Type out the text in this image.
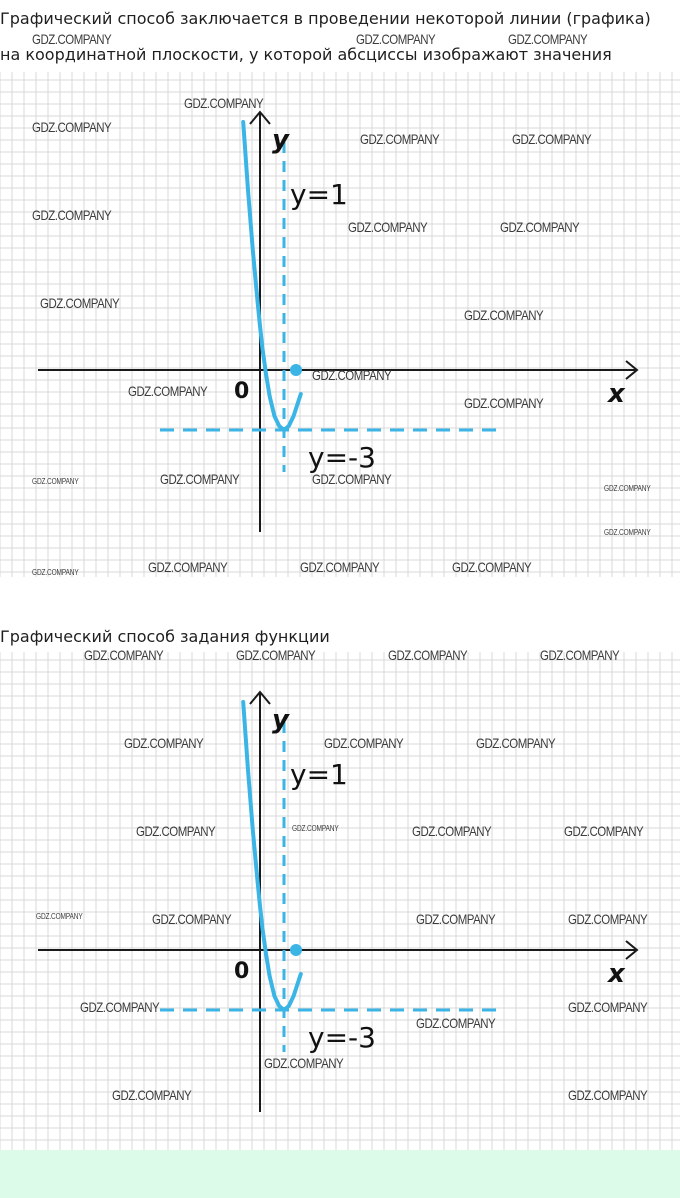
Графический способ заключается в проведении некоторой линии (графика)
на координатной плоскости, у которой абсциссы изображают значения
y=1
y=-3
y
x
0
Графический способ задания функции
y=1
y=-3
y
x
0
GDZ.COMPANY	GDZ.COMPANY	GDZ.COMPANY
GDZ.COMPANY
GDZ.COMPANY
GDZ.COMPANY	GDZ.COMPANY
GDZ.COMPANY
GDZ.COMPANY	GDZ.COMPANY
GDZ.COMPANY
GDZ.COMPANY
GDZ.COMPANY
GDZ.COMPANY
GDZ.COMPANY
GDZ.COMPANY	GDZ.COMPANY	GDZ.COMPANY
GDZ.COMPANY
GDZ.COMPANY
GDZ.COMPANY	GDZ.COMPANY	GDZ.COMPANY	GDZ.COMPANY
GDZ.COMPANY	GDZ.COMPANY	GDZ.COMPANY	GDZ.COMPANY
GDZ.COMPANY	GDZ.COMPANY	GDZ.COMPANY
GDZ.COMPANY
GDZ.COMPANY	GDZ.COMPANY	GDZ.COMPANY
GDZ.COMPANY	GDZ.COMPANY	GDZ.COMPANY	GDZ.COMPANY
GDZ.COMPANY	GDZ.COMPANY
GDZ.COMPANY
GDZ.COMPANY
GDZ.COMPANY	GDZ.COMPANY
